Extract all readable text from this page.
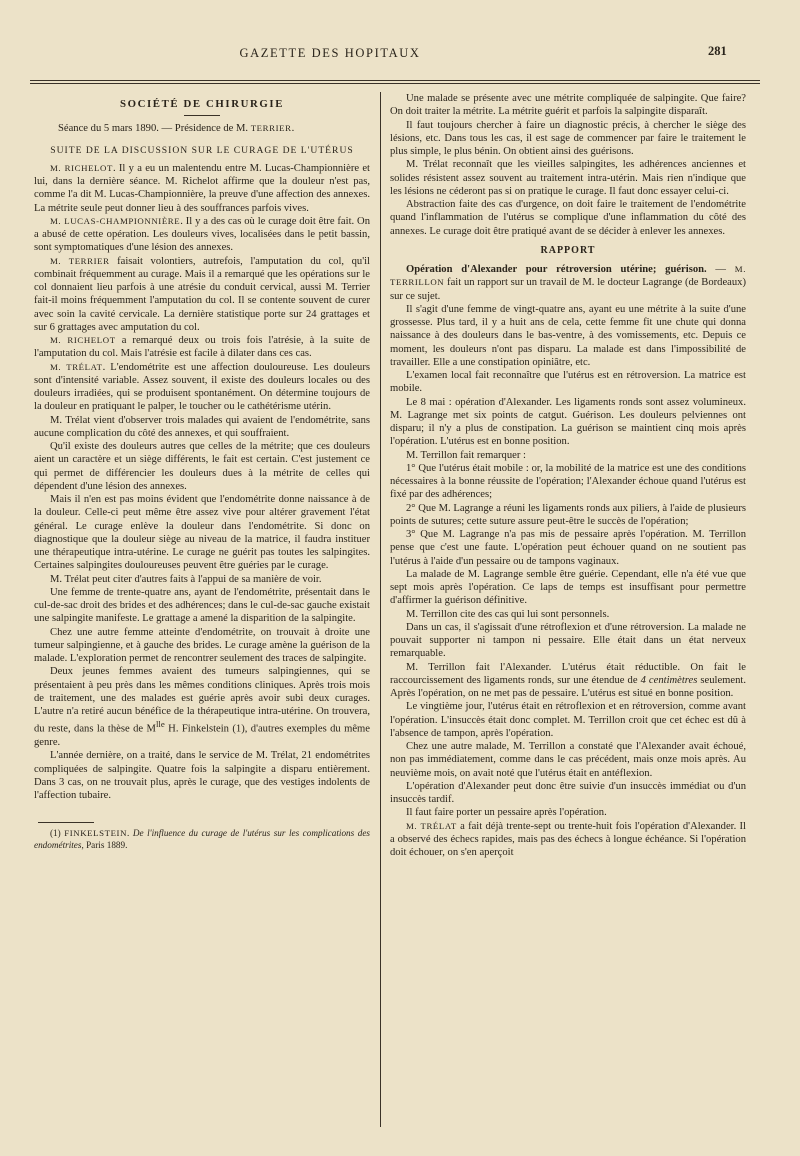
GAZETTE DES HOPITAUX	281
SOCIÉTÉ DE CHIRURGIE
Séance du 5 mars 1890. — Présidence de M. TERRIER.
SUITE DE LA DISCUSSION SUR LE CURAGE DE L'UTÉRUS

M. RICHELOT. Il y a eu un malentendu entre M. Lucas-Championnière et lui, dans la dernière séance. M. Richelot affirme que la douleur n'est pas, comme l'a dit M. Lucas-Championnière, la preuve d'une affection des annexes. La métrite seule peut donner lieu à des souffrances parfois vives.

M. LUCAS-CHAMPIONNIÈRE. Il y a des cas où le curage doit être fait. On a abusé de cette opération. Les douleurs vives, localisées dans le petit bassin, sont symptomatiques d'une lésion des annexes.

M. TERRIER faisait volontiers, autrefois, l'amputation du col, qu'il combinait fréquemment au curage. Mais il a remarqué que les opérations sur le col donnaient lieu parfois à une atrésie du conduit cervical, aussi M. Terrier fait-il moins fréquemment l'amputation du col. Il se contente souvent de curer avec soin la cavité cervicale. La dernière statistique porte sur 24 grattages et sur 6 grattages avec amputation du col.

M. RICHELOT a remarqué deux ou trois fois l'atrésie, à la suite de l'amputation du col. Mais l'atrésie est facile à dilater dans ces cas.

M. TRÉLAT. L'endométrite est une affection douloureuse. Les douleurs sont d'intensité variable. Assez souvent, il existe des douleurs locales ou des douleurs irradiées, qui se produisent spontanément. On détermine toujours de la douleur en pratiquant le palper, le toucher ou le cathétérisme utérin.

M. Trélat vient d'observer trois malades qui avaient de l'endométrite, sans aucune complication du côté des annexes, et qui souffraient.

Qu'il existe des douleurs autres que celles de la métrite; que ces douleurs aient un caractère et un siège différents, le fait est certain. C'est justement ce qui permet de différencier les douleurs dues à la métrite de celles qui dépendent d'une lésion des annexes.

Mais il n'en est pas moins évident que l'endométrite donne naissance à de la douleur. Celle-ci peut même être assez vive pour altérer gravement l'état général. Le curage enlève la douleur dans l'endométrite. Si donc on diagnostique que la douleur siège au niveau de la matrice, il faudra instituer une thérapeutique intra-utérine. Le curage ne guérit pas toutes les salpingites. Certaines salpingites douloureuses peuvent être guéries par le curage.

M. Trélat peut citer d'autres faits à l'appui de sa manière de voir.

Une femme de trente-quatre ans, ayant de l'endométrite, présentait dans le cul-de-sac droit des brides et des adhérences; dans le cul-de-sac gauche existait une salpingite manifeste. Le grattage a amené la disparition de la salpingite.

Chez une autre femme atteinte d'endométrite, on trouvait à droite une tumeur salpingienne, et à gauche des brides. Le curage amène la guérison de la malade. L'exploration permet de rencontrer seulement des traces de salpingite.

Deux jeunes femmes avaient des tumeurs salpingiennes, qui se présentaient à peu près dans les mêmes conditions cliniques. Après trois mois de traitement, une des malades est guérie après avoir subi deux curages. L'autre n'a retiré aucun bénéfice de la thérapeutique intra-utérine. On trouvera, du reste, dans la thèse de $M^{lle}$ H. Finkelstein (1), d'autres exemples du même genre.

L'année dernière, on a traité, dans le service de M. Trélat, 21 endométrites compliquées de salpingite. Quatre fois la salpingite a disparu entièrement. Dans 3 cas, on ne trouvait plus, après le curage, que des vestiges indolents de l'affection tubaire.

(1) FINKELSTEIN. De l'influence du curage de l'utérus sur les complications des endométrites, Paris 1889.

Une malade se présente avec une métrite compliquée de salpingite. Que faire? On doit traiter la métrite. La métrite guérit et parfois la salpingite disparaît.

Il faut toujours chercher à faire un diagnostic précis, à chercher le siège des lésions, etc. Dans tous les cas, il est sage de commencer par faire le traitement le plus simple, le plus bénin. On obtient ainsi des guérisons.

M. Trélat reconnaît que les vieilles salpingites, les adhérences anciennes et solides résistent assez souvent au traitement intra-utérin. Mais rien n'indique que les lésions ne céderont pas si on pratique le curage. Il faut donc essayer celui-ci.

Abstraction faite des cas d'urgence, on doit faire le traitement de l'endométrite quand l'inflammation de l'utérus se complique d'une inflammation du côté des annexes. Le curage doit être pratiqué avant de se décider à enlever les annexes.

RAPPORT

Opération d'Alexander pour rétroversion utérine; guérison. — M. TERRILLON fait un rapport sur un travail de M. le docteur Lagrange (de Bordeaux) sur ce sujet.

Il s'agit d'une femme de vingt-quatre ans, ayant eu une métrite à la suite d'une grossesse. Plus tard, il y a huit ans de cela, cette femme fit une chute qui donna naissance à des douleurs dans le bas-ventre, à des vomissements, etc. Depuis ce moment, les douleurs n'ont pas disparu. La malade est dans l'impossibilité de travailler. Elle a une constipation opiniâtre, etc.

L'examen local fait reconnaître que l'utérus est en rétroversion. La matrice est mobile.

Le 8 mai : opération d'Alexander. Les ligaments ronds sont assez volumineux. M. Lagrange met six points de catgut. Guérison. Les douleurs pelviennes ont disparu; il n'y a plus de constipation. La guérison se maintient cinq mois après l'opération. L'utérus est en bonne position.

M. Terrillon fait remarquer :

1° Que l'utérus était mobile : or, la mobilité de la matrice est une des conditions nécessaires à la bonne réussite de l'opération; l'Alexander échoue quand l'utérus est fixé par des adhérences;

2° Que M. Lagrange a réuni les ligaments ronds aux piliers, à l'aide de plusieurs points de sutures; cette suture assure peut-être le succès de l'opération;

3° Que M. Lagrange n'a pas mis de pessaire après l'opération. M. Terrillon pense que c'est une faute. L'opération peut échouer quand on ne soutient pas l'utérus à l'aide d'un pessaire ou de tampons vaginaux.

La malade de M. Lagrange semble être guérie. Cependant, elle n'a été vue que sept mois après l'opération. Ce laps de temps est insuffisant pour permettre d'affirmer la guérison définitive.

M. Terrillon cite des cas qui lui sont personnels.

Dans un cas, il s'agissait d'une rétroflexion et d'une rétroversion. La malade ne pouvait supporter ni tampon ni pessaire. Elle était dans un état nerveux remarquable.

M. Terrillon fait l'Alexander. L'utérus était réductible. On fait le raccourcissement des ligaments ronds, sur une étendue de 4 centimètres seulement. Après l'opération, on ne met pas de pessaire. L'utérus est situé en bonne position.

Le vingtième jour, l'utérus était en rétroflexion et en rétroversion, comme avant l'opération. L'insuccès était donc complet. M. Terrillon croit que cet échec est dû à l'absence de tampon, après l'opération.

Chez une autre malade, M. Terrillon a constaté que l'Alexander avait échoué, non pas immédiatement, comme dans le cas précédent, mais onze mois après. Au neuvième mois, on avait noté que l'utérus était en antéflexion.

L'opération d'Alexander peut donc être suivie d'un insuccès immédiat ou d'un insuccès tardif.

Il faut faire porter un pessaire après l'opération.

M. TRÉLAT a fait déjà trente-sept ou trente-huit fois l'opération d'Alexander. Il a observé des échecs rapides, mais pas des échecs à longue échéance. Si l'opération doit échouer, on s'en aperçoit
